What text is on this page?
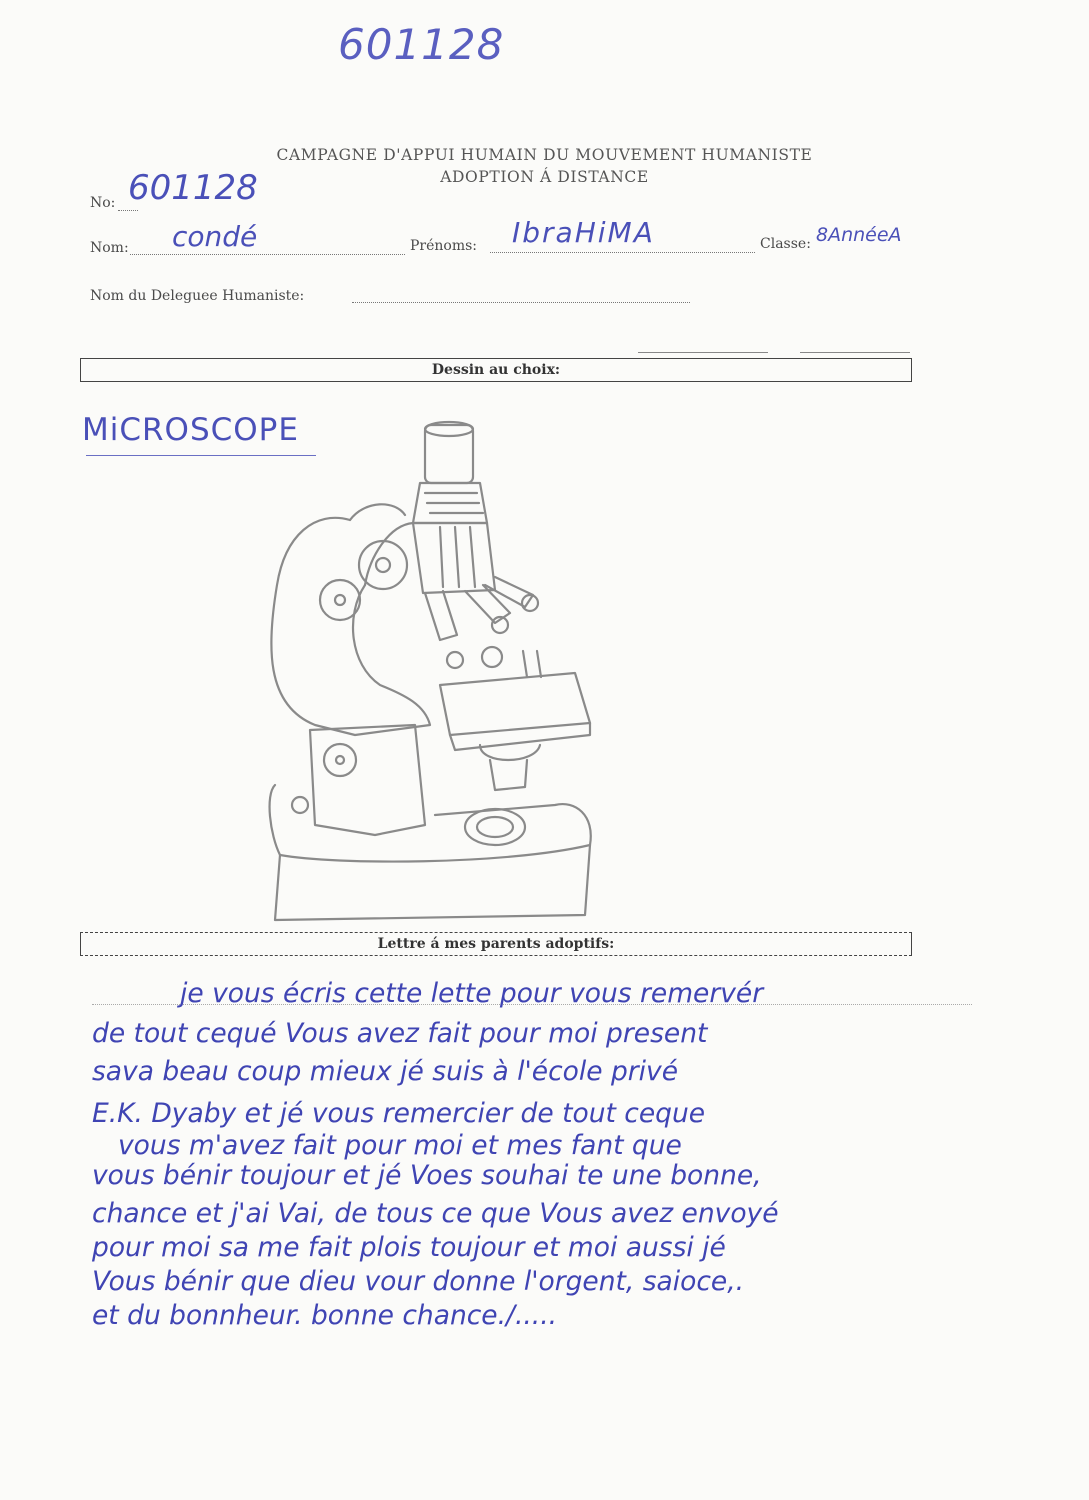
601128
CAMPAGNE D'APPUI HUMAIN DU MOUVEMENT HUMANISTE
ADOPTION Á DISTANCE
No: 601128
Nom: condé	Prénoms: IbraHiMA	Classe: 8AnnéeA
Nom du Deleguee Humaniste:
Dessin au choix:
MiCROSCOPE
Lettre á mes parents adoptifs:
je vous écris cette lette pour vous remervér
de tout cequé Vous avez fait pour moi present
sava beau coup mieux jé suis à l'école privé
E.K. Dyaby et jé vous remercier de tout ceque
vous m'avez fait pour moi et mes fant que
vous bénir toujour et jé Voes souhai te une bonne,
chance et j'ai Vai, de tous ce que Vous avez envoyé
pour moi sa me fait plois toujour et moi aussi jé
Vous bénir que dieu vour donne l'orgent, saioce,.
et du bonnheur. bonne chance./.....
